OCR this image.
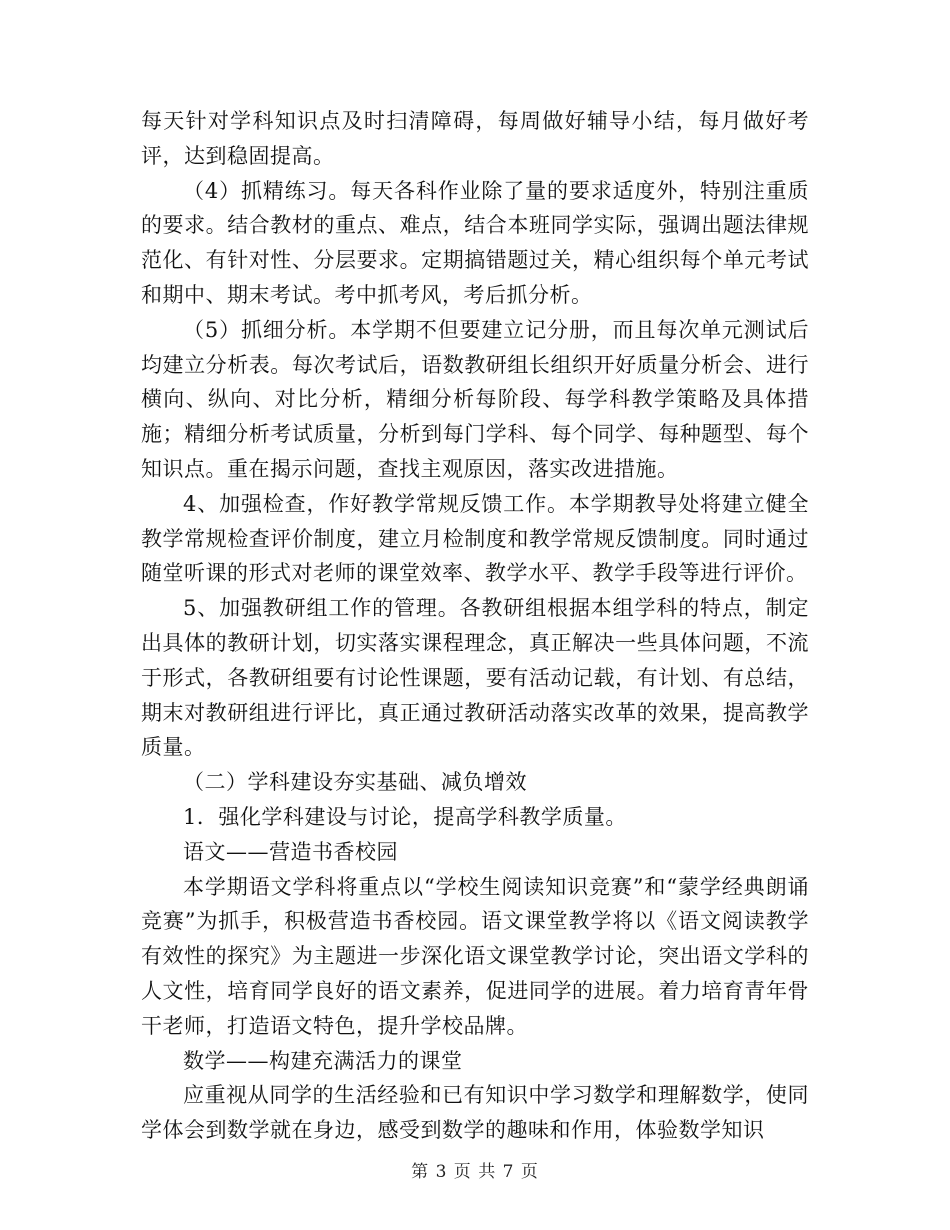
每天针对学科知识点及时扫清障碍，每周做好辅导小结，每月做好考评，达到稳固提高。

（4）抓精练习。每天各科作业除了量的要求适度外，特别注重质的要求。结合教材的重点、难点，结合本班同学实际，强调出题法律规范化、有针对性、分层要求。定期搞错题过关，精心组织每个单元考试和期中、期末考试。考中抓考风，考后抓分析。

（5）抓细分析。本学期不但要建立记分册，而且每次单元测试后均建立分析表。每次考试后，语数教研组长组织开好质量分析会、进行横向、纵向、对比分析，精细分析每阶段、每学科教学策略及具体措施；精细分析考试质量，分析到每门学科、每个同学、每种题型、每个知识点。重在揭示问题，查找主观原因，落实改进措施。

4、加强检查，作好教学常规反馈工作。本学期教导处将建立健全教学常规检查评价制度，建立月检制度和教学常规反馈制度。同时通过随堂听课的形式对老师的课堂效率、教学水平、教学手段等进行评价。

5、加强教研组工作的管理。各教研组根据本组学科的特点，制定出具体的教研计划，切实落实课程理念，真正解决一些具体问题，不流于形式，各教研组要有讨论性课题，要有活动记载，有计划、有总结，期末对教研组进行评比，真正通过教研活动落实改革的效果，提高教学质量。

（二）学科建设夯实基础、减负增效

1．强化学科建设与讨论，提高学科教学质量。

语文——营造书香校园

本学期语文学科将重点以“学校生阅读知识竞赛”和“蒙学经典朗诵竞赛”为抓手，积极营造书香校园。语文课堂教学将以《语文阅读教学有效性的探究》为主题进一步深化语文课堂教学讨论，突出语文学科的人文性，培育同学良好的语文素养，促进同学的进展。着力培育青年骨干老师，打造语文特色，提升学校品牌。

数学——构建充满活力的课堂

应重视从同学的生活经验和已有知识中学习数学和理解数学，使同学体会到数学就在身边，感受到数学的趣味和作用，体验数学知识

第 3 页 共 7 页
